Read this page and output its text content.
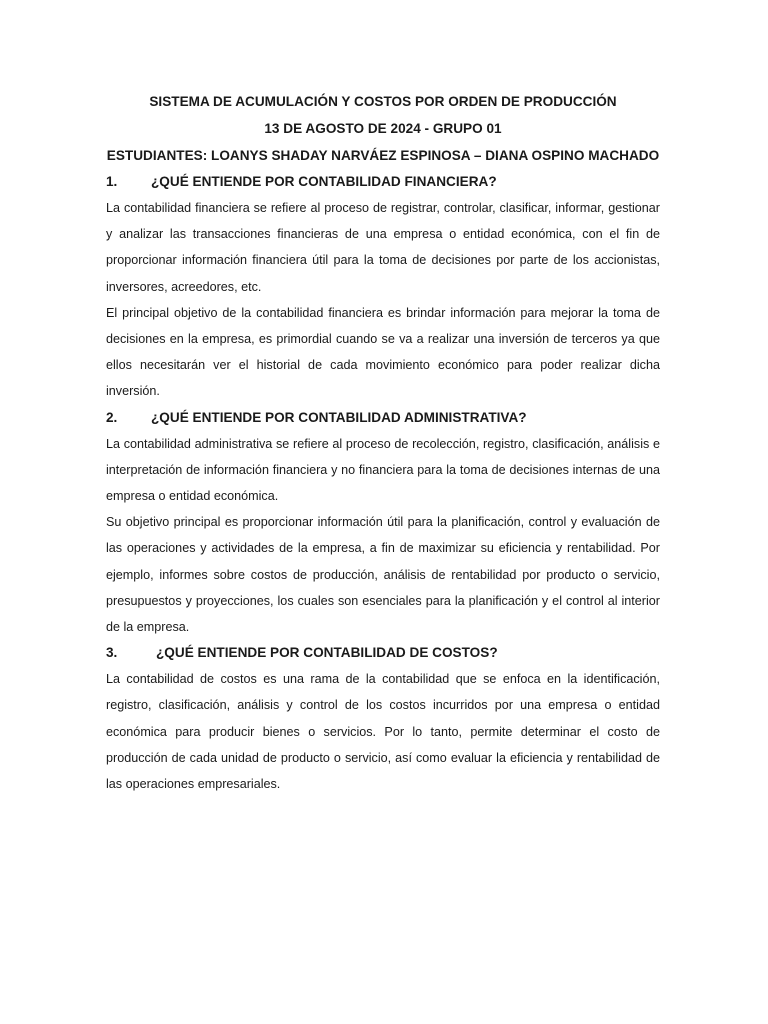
SISTEMA DE ACUMULACIÓN Y COSTOS POR ORDEN DE PRODUCCIÓN

13 DE AGOSTO DE 2024 - GRUPO 01

ESTUDIANTES: LOANYS SHADAY NARVÁEZ ESPINOSA – DIANA OSPINO MACHADO

1. ¿QUÉ ENTIENDE POR CONTABILIDAD FINANCIERA?

La contabilidad financiera se refiere al proceso de registrar, controlar, clasificar, informar, gestionar y analizar las transacciones financieras de una empresa o entidad económica, con el fin de proporcionar información financiera útil para la toma de decisiones por parte de los accionistas, inversores, acreedores, etc.

El principal objetivo de la contabilidad financiera es brindar información para mejorar la toma de decisiones en la empresa, es primordial cuando se va a realizar una inversión de terceros ya que ellos necesitarán ver el historial de cada movimiento económico para poder realizar dicha inversión.

2. ¿QUÉ ENTIENDE POR CONTABILIDAD ADMINISTRATIVA?

La contabilidad administrativa se refiere al proceso de recolección, registro, clasificación, análisis e interpretación de información financiera y no financiera para la toma de decisiones internas de una empresa o entidad económica.

Su objetivo principal es proporcionar información útil para la planificación, control y evaluación de las operaciones y actividades de la empresa, a fin de maximizar su eficiencia y rentabilidad. Por ejemplo, informes sobre costos de producción, análisis de rentabilidad por producto o servicio, presupuestos y proyecciones, los cuales son esenciales para la planificación y el control al interior de la empresa.

3.	¿QUÉ ENTIENDE POR CONTABILIDAD DE COSTOS?

La contabilidad de costos es una rama de la contabilidad que se enfoca en la identificación, registro, clasificación, análisis y control de los costos incurridos por una empresa o entidad económica para producir bienes o servicios. Por lo tanto, permite determinar el costo de producción de cada unidad de producto o servicio, así como evaluar la eficiencia y rentabilidad de las operaciones empresariales.
